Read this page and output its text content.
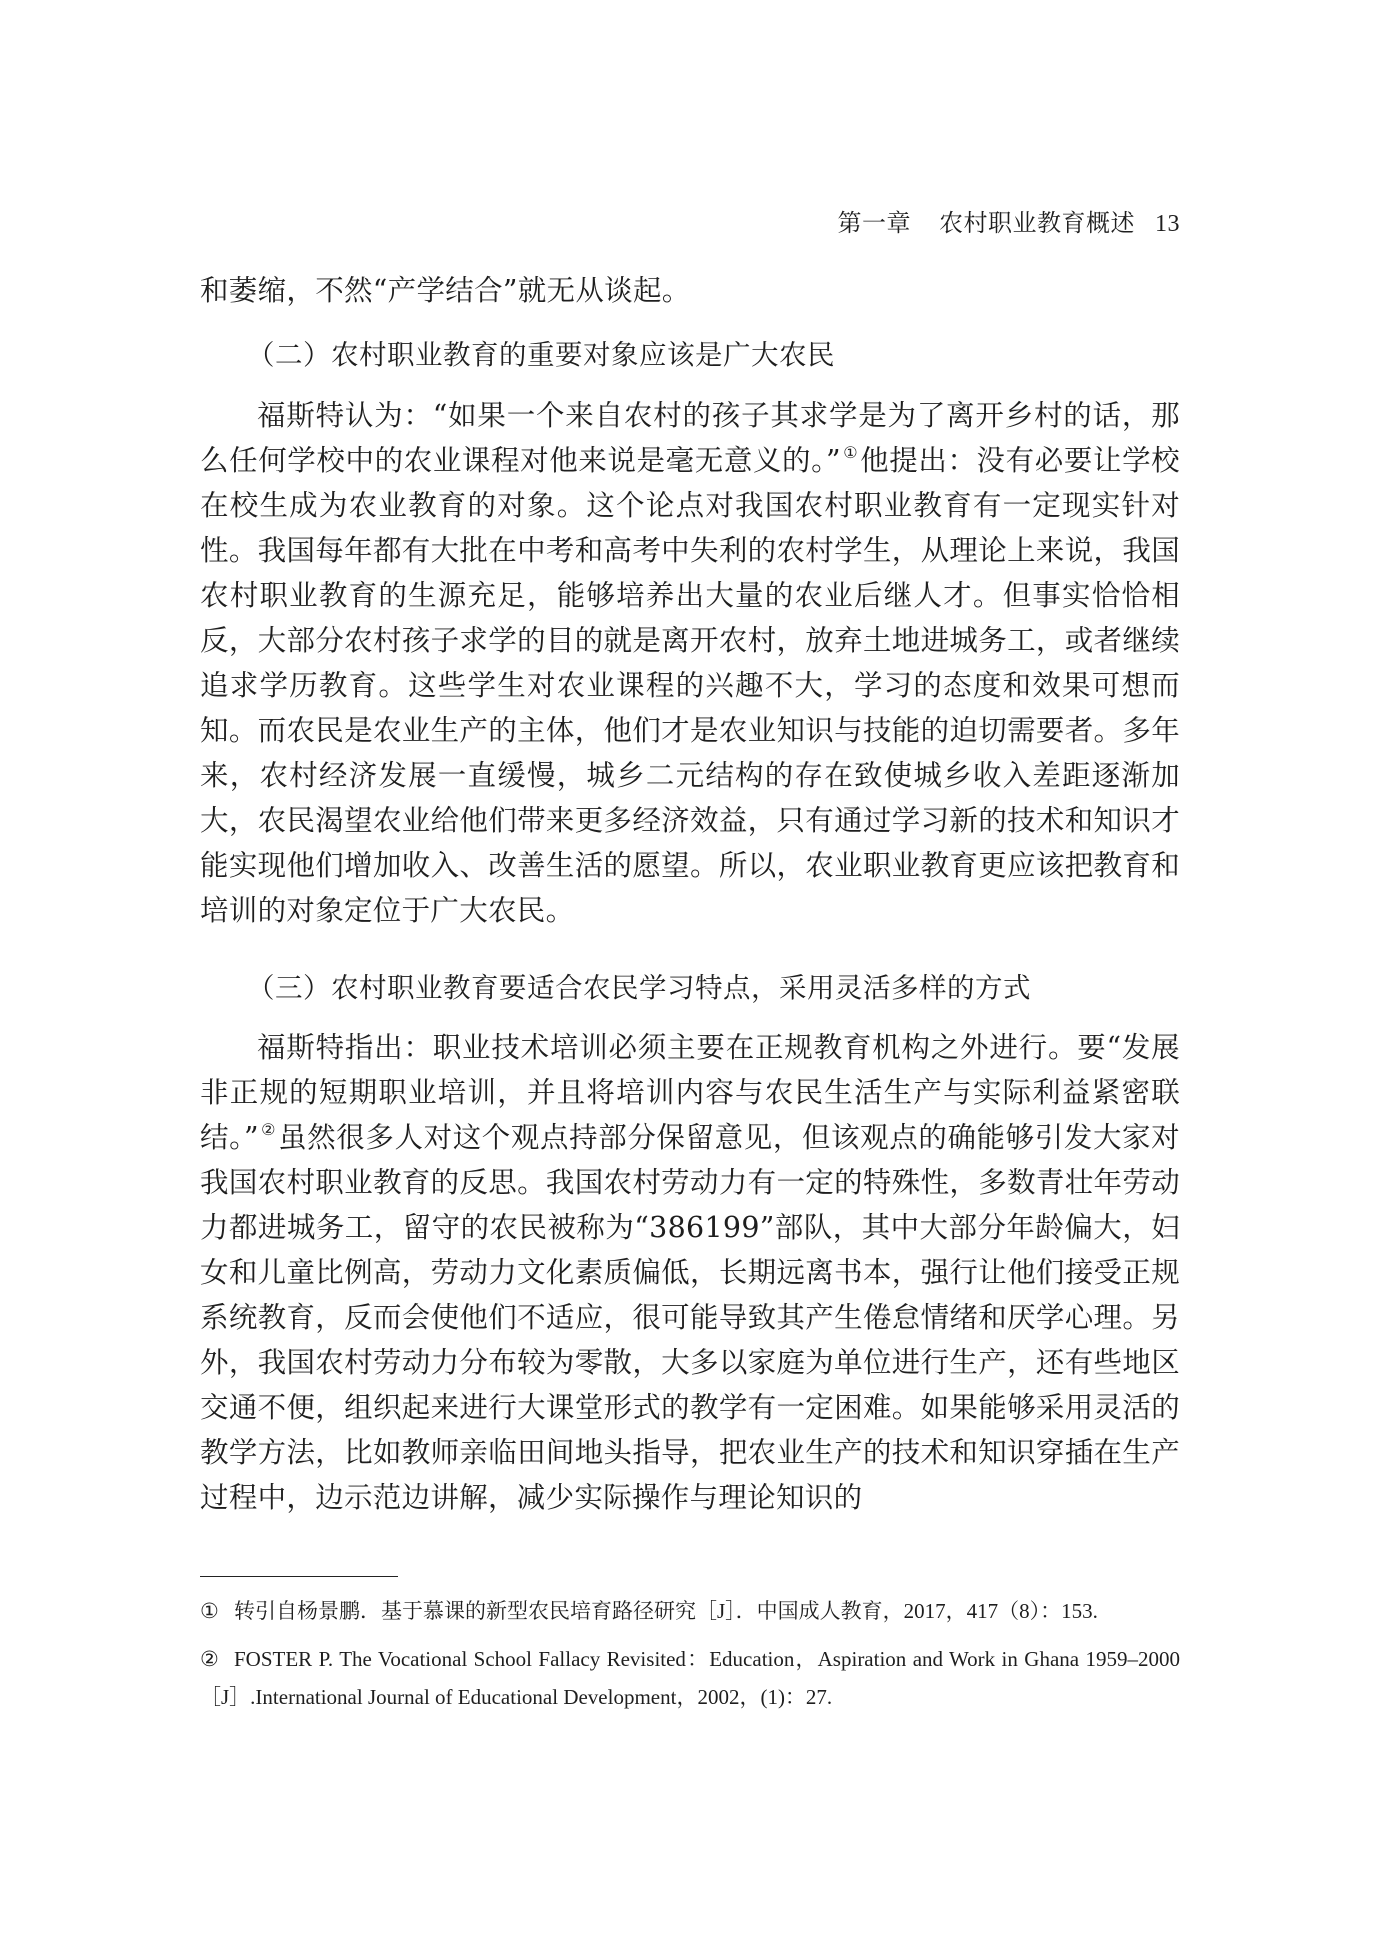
第一章 农村职业教育概述 13

和萎缩，不然“产学结合”就无从谈起。

（二）农村职业教育的重要对象应该是广大农民

福斯特认为：“如果一个来自农村的孩子其求学是为了离开乡村的话，那么任何学校中的农业课程对他来说是毫无意义的。” ①他提出：没有必要让学校在校生成为农业教育的对象。这个论点对我国农村职业教育有一定现实针对性。我国每年都有大批在中考和高考中失利的农村学生，从理论上来说，我国农村职业教育的生源充足，能够培养出大量的农业后继人才。但事实恰恰相反，大部分农村孩子求学的目的就是离开农村，放弃土地进城务工，或者继续追求学历教育。这些学生对农业课程的兴趣不大，学习的态度和效果可想而知。而农民是农业生产的主体，他们才是农业知识与技能的迫切需要者。多年来，农村经济发展一直缓慢，城乡二元结构的存在致使城乡收入差距逐渐加大，农民渴望农业给他们带来更多经济效益，只有通过学习新的技术和知识才能实现他们增加收入、改善生活的愿望。所以，农业职业教育更应该把教育和培训的对象定位于广大农民。

（三）农村职业教育要适合农民学习特点，采用灵活多样的方式

福斯特指出：职业技术培训必须主要在正规教育机构之外进行。要“发展非正规的短期职业培训，并且将培训内容与农民生活生产与实际利益紧密联结。” ②虽然很多人对这个观点持部分保留意见，但该观点的确能够引发大家对我国农村职业教育的反思。我国农村劳动力有一定的特殊性，多数青壮年劳动力都进城务工，留守的农民被称为“386199”部队，其中大部分年龄偏大，妇女和儿童比例高，劳动力文化素质偏低，长期远离书本，强行让他们接受正规系统教育，反而会使他们不适应，很可能导致其产生倦怠情绪和厌学心理。另外，我国农村劳动力分布较为零散，大多以家庭为单位进行生产，还有些地区交通不便，组织起来进行大课堂形式的教学有一定困难。如果能够采用灵活的教学方法，比如教师亲临田间地头指导，把农业生产的技术和知识穿插在生产过程中，边示范边讲解，减少实际操作与理论知识的

① 转引自杨景鹏．基于慕课的新型农民培育路径研究［J］．中国成人教育，2017，417（8）：153.

② FOSTER P. The Vocational School Fallacy Revisited：Education，Aspiration and Work in Ghana 1959–2000［J］.International Journal of Educational Development，2002，(1)：27.
